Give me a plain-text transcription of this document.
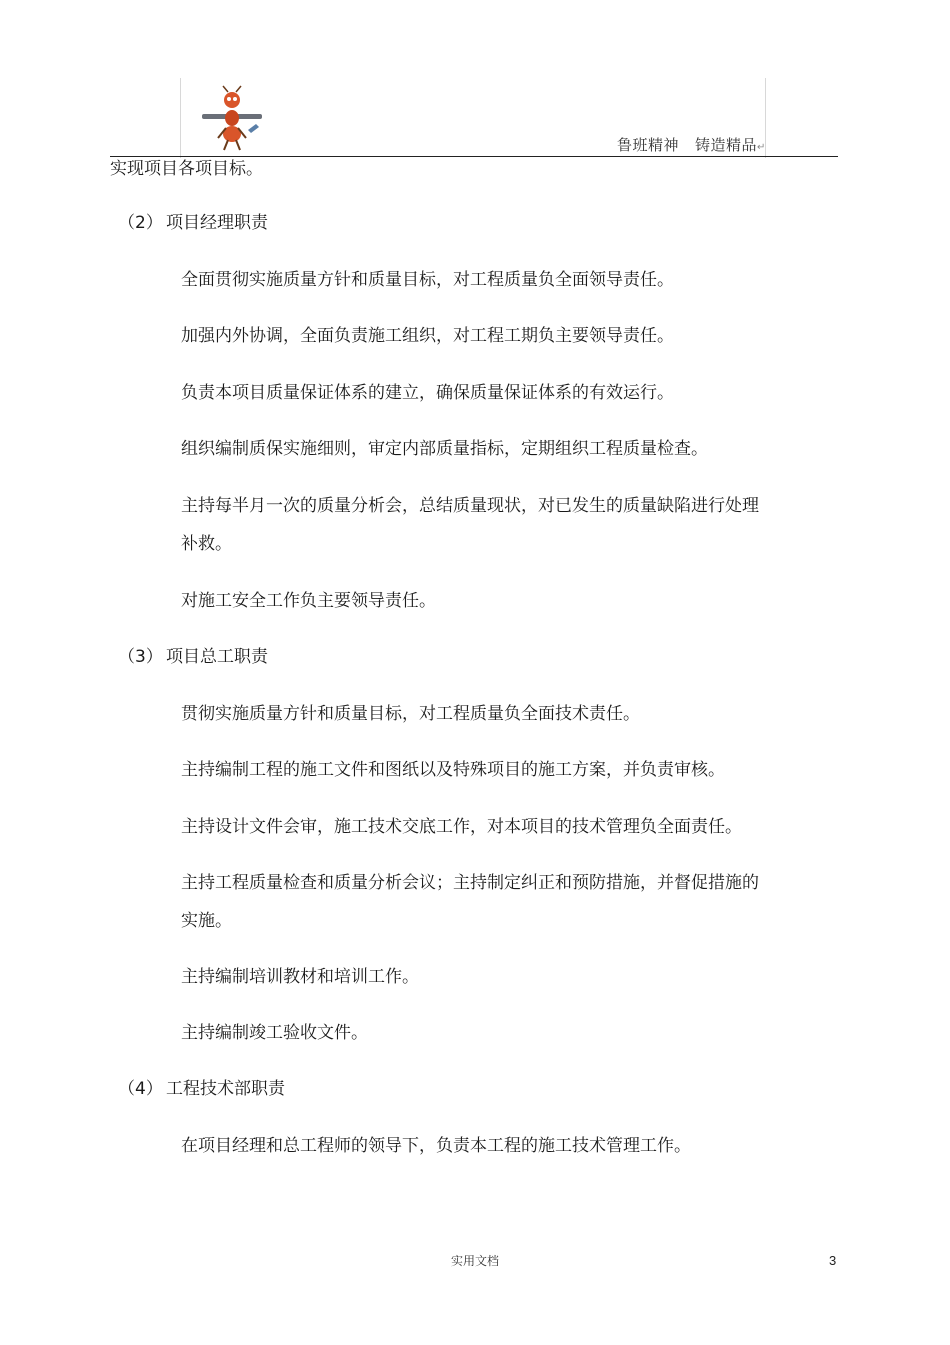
鲁班精神 铸造精品↵
实现项目各项目标。
（2） 项目经理职责
全面贯彻实施质量方针和质量目标，对工程质量负全面领导责任。
加强内外协调，全面负责施工组织，对工程工期负主要领导责任。
负责本项目质量保证体系的建立，确保质量保证体系的有效运行。
组织编制质保实施细则，审定内部质量指标，定期组织工程质量检查。
主持每半月一次的质量分析会，总结质量现状，对已发生的质量缺陷进行处理
补救。
对施工安全工作负主要领导责任。
（3） 项目总工职责
贯彻实施质量方针和质量目标，对工程质量负全面技术责任。
主持编制工程的施工文件和图纸以及特殊项目的施工方案，并负责审核。
主持设计文件会审，施工技术交底工作，对本项目的技术管理负全面责任。
主持工程质量检查和质量分析会议；主持制定纠正和预防措施，并督促措施的
实施。
主持编制培训教材和培训工作。
主持编制竣工验收文件。
（4） 工程技术部职责
在项目经理和总工程师的领导下，负责本工程的施工技术管理工作。
实用文档	3
